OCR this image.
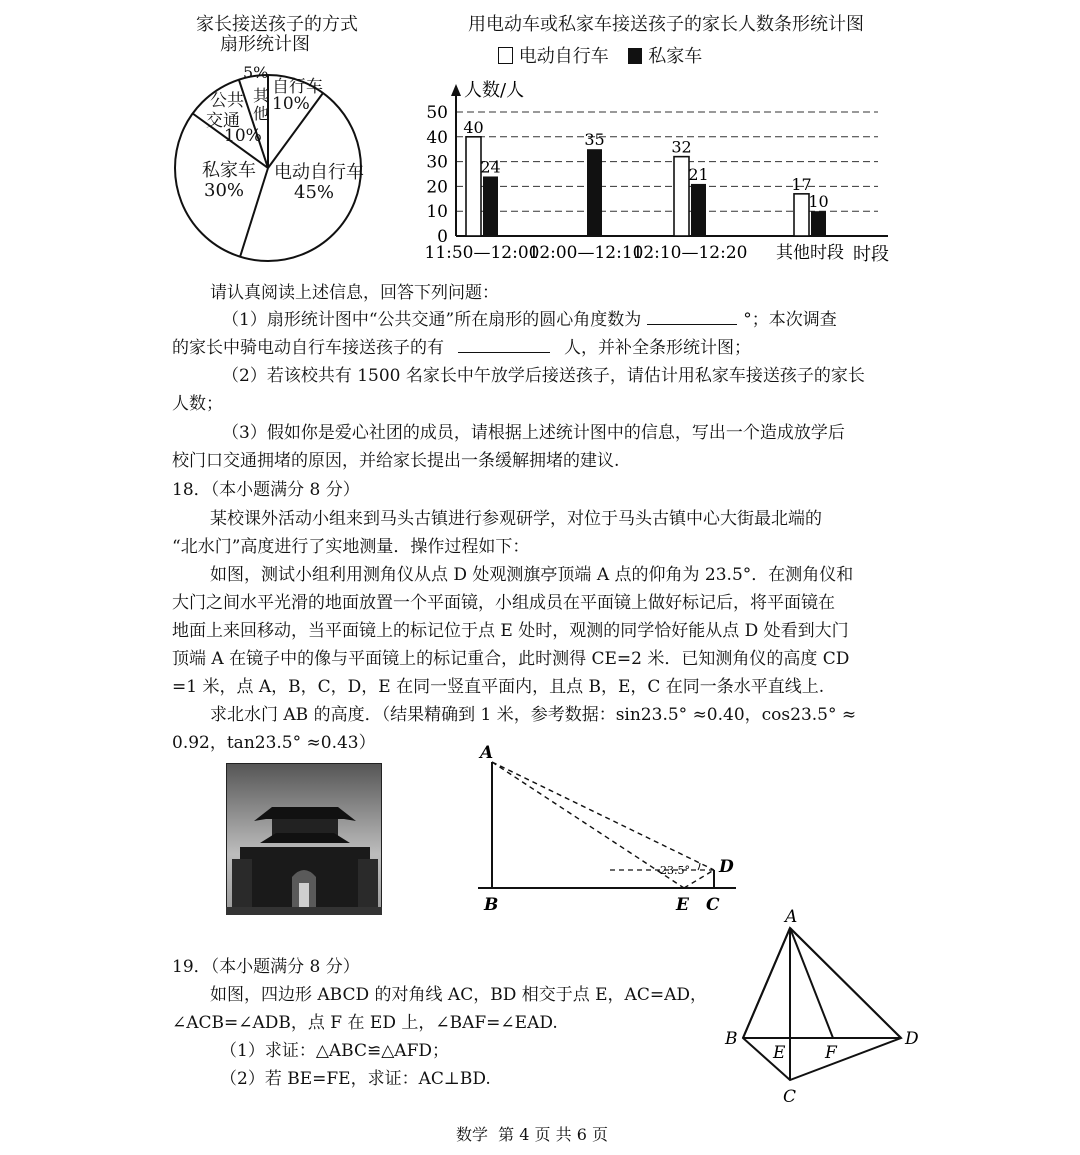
家长接送孩子的方式
扇形统计图
5%
其
他
自行车
10%
公共
交通
10%
私家车
30%
电动自行车
45%
用电动车或私家车接送孩子的家长人数条形统计图
电动自行车 私家车
0
10
20
30
40
50
人数/人
40
24
11:50—12:00
35
12:00—12:10
32
21
12:10—12:20
17
10
其他时段 时段
请认真阅读上述信息，回答下列问题：
（1）扇形统计图中“公共交通”所在扇形的圆心角度数为	°；本次调查
的家长中骑电动自行车接送孩子的有	人，并补全条形统计图；
（2）若该校共有 1500 名家长中午放学后接送孩子，请估计用私家车接送孩子的家长
人数；
（3）假如你是爱心社团的成员，请根据上述统计图中的信息，写出一个造成放学后
校门口交通拥堵的原因，并给家长提出一条缓解拥堵的建议.
18．（本小题满分 8 分）
某校课外活动小组来到马头古镇进行参观研学，对位于马头古镇中心大街最北端的
“北水门”高度进行了实地测量．操作过程如下：
如图，测试小组利用测角仪从点 D 处观测旗亭顶端 A 点的仰角为 23.5°．在测角仪和
大门之间水平光滑的地面放置一个平面镜，小组成员在平面镜上做好标记后，将平面镜在
地面上来回移动，当平面镜上的标记位于点 E 处时，观测的同学恰好能从点 D 处看到大门
顶端 A 在镜子中的像与平面镜上的标记重合，此时测得 CE=2 米．已知测角仪的高度 CD
=1 米，点 A，B，C，D，E 在同一竖直平面内，且点 B，E，C 在同一条水平直线上.
求北水门 AB 的高度．（结果精确到 1 米，参考数据：sin23.5° ≈0.40，cos23.5° ≈
0.92，tan23.5° ≈0.43）	A
B	E C
D
23.5°
19．（本小题满分 8 分）
如图，四边形 ABCD 的对角线 AC，BD 相交于点 E，AC=AD，
∠ACB=∠ADB，点 F 在 ED 上，∠BAF=∠EAD.
（1）求证：△ABC≌△AFD；
（2）若 BE=FE，求证：AC⊥BD.
A
B
E F
D
C
数学  第 4 页 共 6 页
